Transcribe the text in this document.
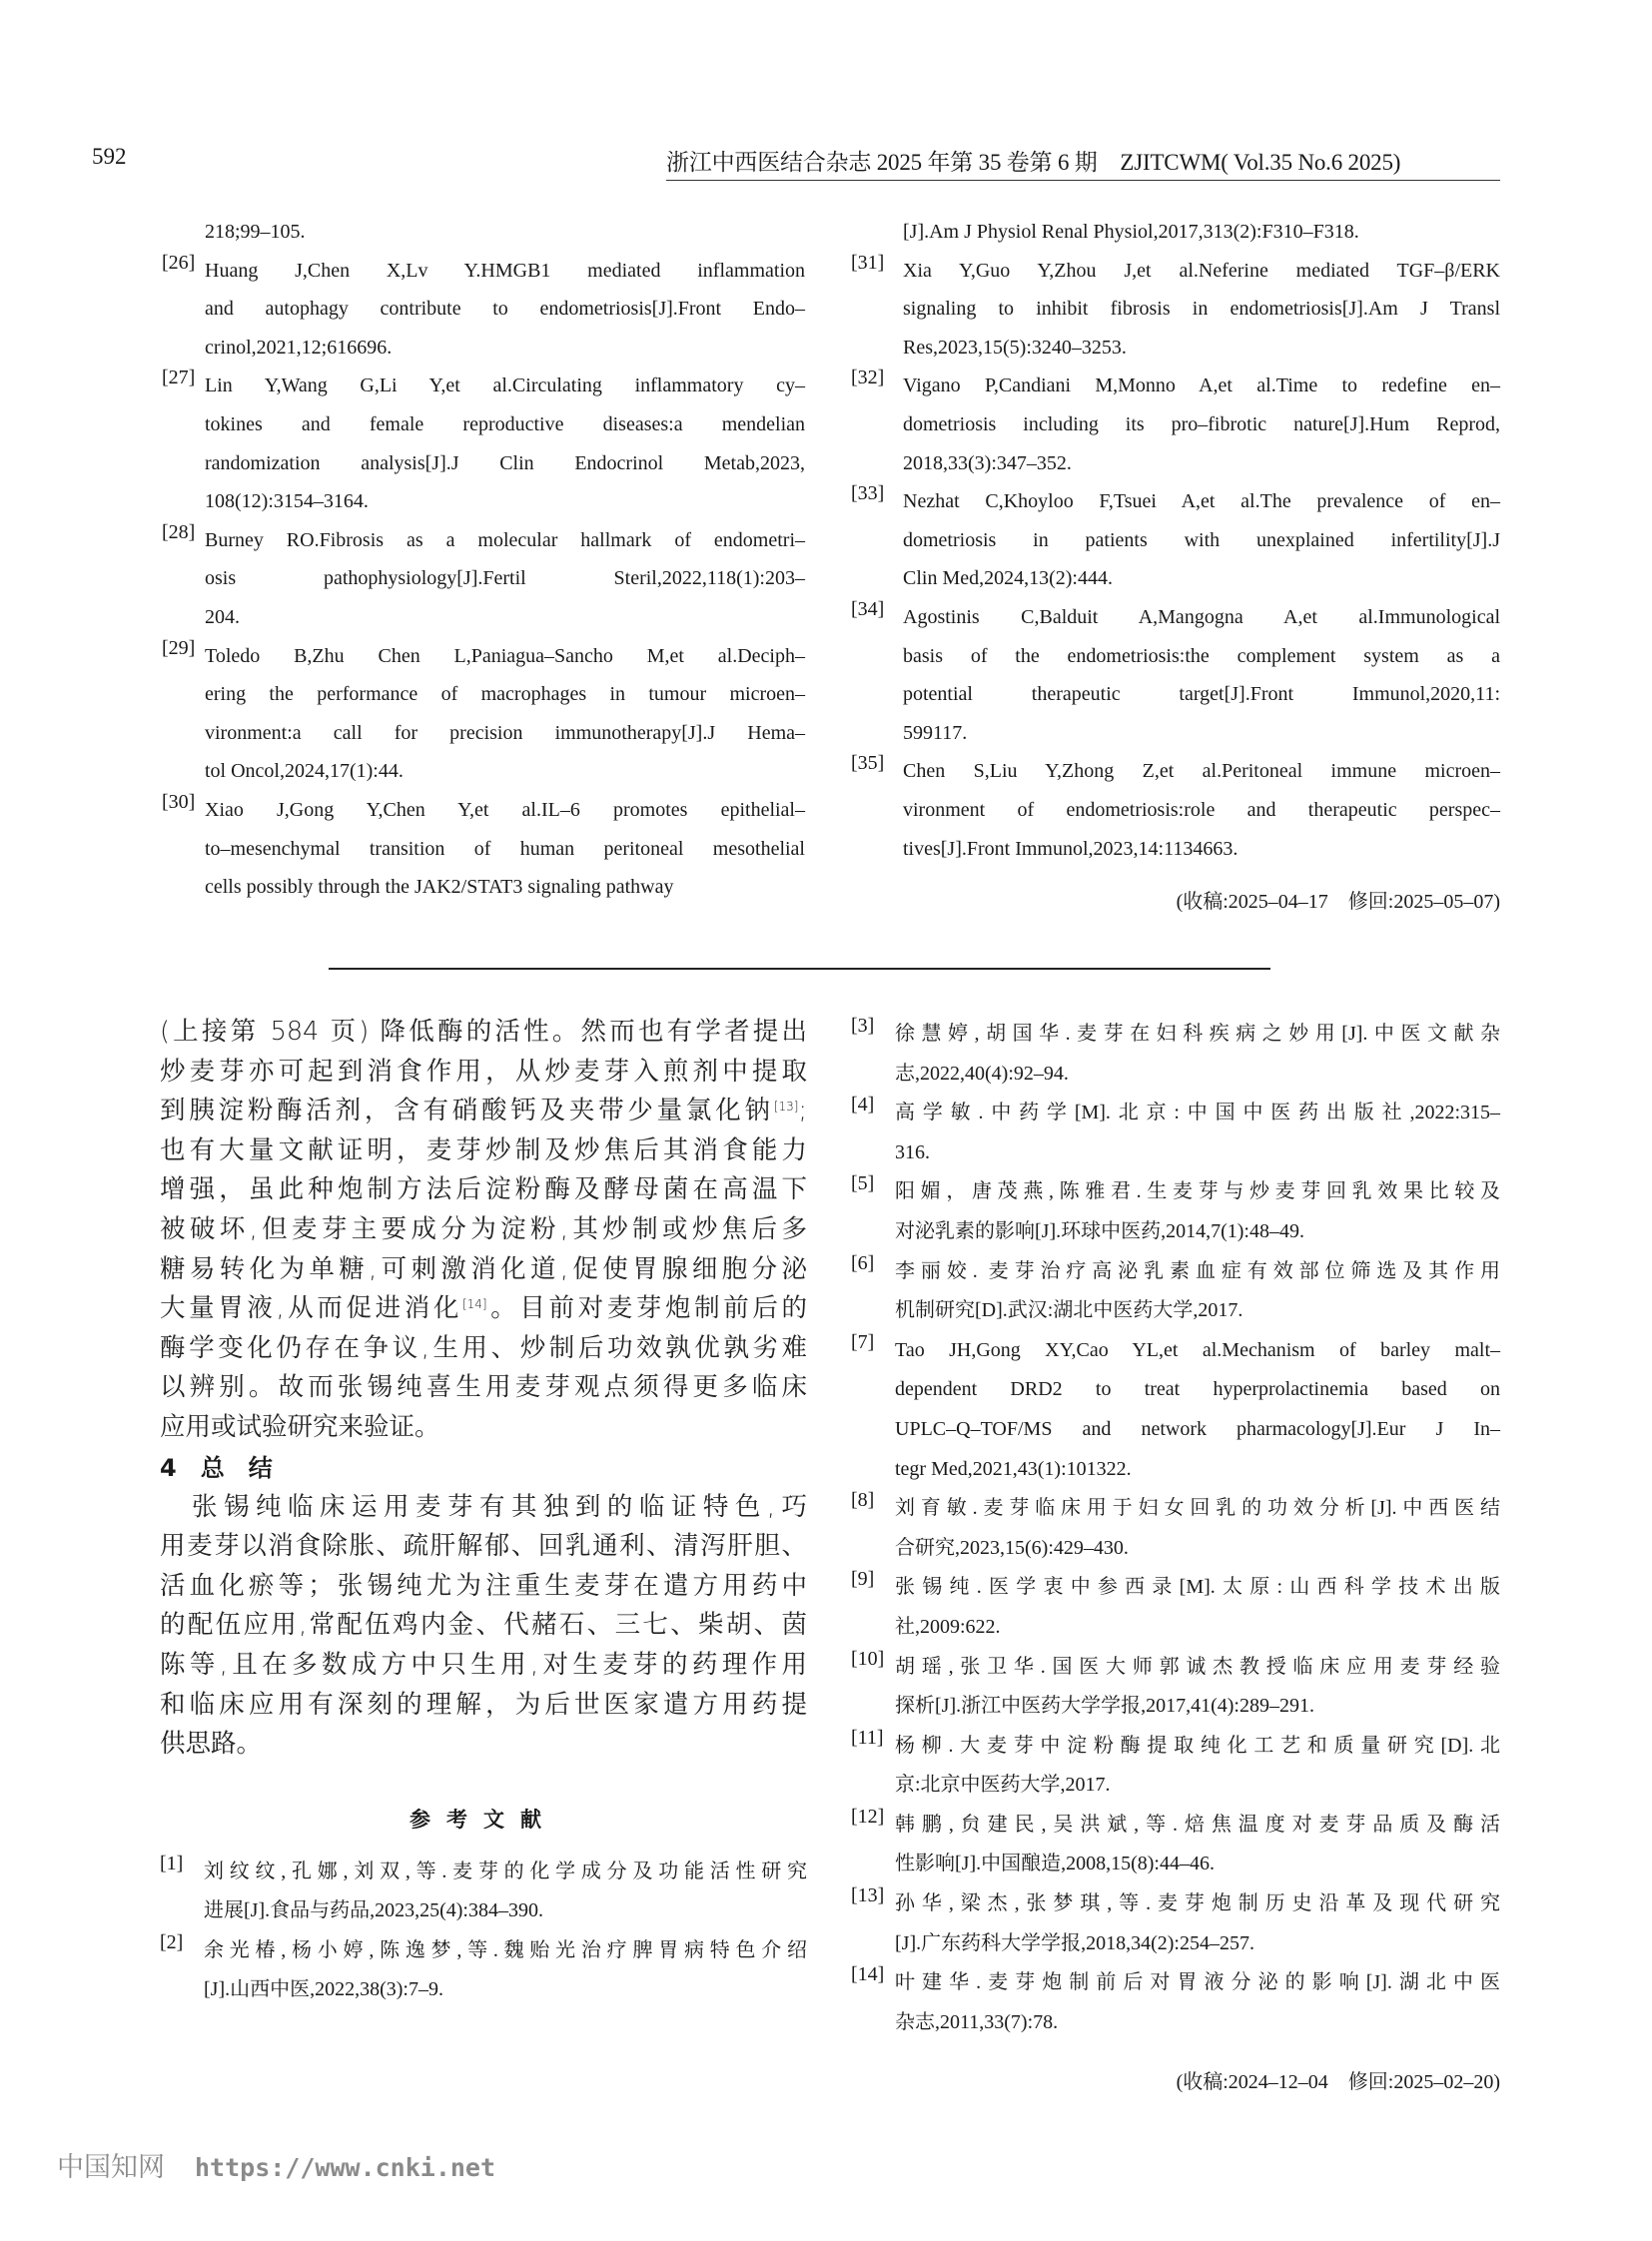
592	浙江中西医结合杂志 2025 年第 35 卷第 6 期　ZJITCWM( Vol.35 No.6 2025)
218;99–105.
[26] Huang J,Chen X,Lv Y.HMGB1 mediated inflammation
and autophagy contribute to endometriosis[J].Front Endo–
crinol,2021,12;616696.
[27] Lin Y,Wang G,Li Y,et al.Circulating inflammatory cy–
tokines and female reproductive diseases:a mendelian
randomization analysis[J].J Clin Endocrinol Metab,2023,
108(12):3154–3164.
[28] Burney RO.Fibrosis as a molecular hallmark of endometri–
osis pathophysiology[J].Fertil Steril,2022,118(1):203–
204.
[29] Toledo B,Zhu Chen L,Paniagua–Sancho M,et al.Deciph–
ering the performance of macrophages in tumour microen–
vironment:a call for precision immunotherapy[J].J Hema–
tol Oncol,2024,17(1):44.
[30] Xiao J,Gong Y,Chen Y,et al.IL–6 promotes epithelial–
to–mesenchymal transition of human peritoneal mesothelial
cells possibly through the JAK2/STAT3 signaling pathway
[J].Am J Physiol Renal Physiol,2017,313(2):F310–F318.
[31] Xia Y,Guo Y,Zhou J,et al.Neferine mediated TGF–β/ERK
signaling to inhibit fibrosis in endometriosis[J].Am J Transl
Res,2023,15(5):3240–3253.
[32] Vigano P,Candiani M,Monno A,et al.Time to redefine en–
dometriosis including its pro–fibrotic nature[J].Hum Reprod,
2018,33(3):347–352.
[33] Nezhat C,Khoyloo F,Tsuei A,et al.The prevalence of en–
dometriosis in patients with unexplained infertility[J].J
Clin Med,2024,13(2):444.
[34] Agostinis C,Balduit A,Mangogna A,et al.Immunological
basis of the endometriosis:the complement system as a
potential therapeutic target[J].Front Immunol,2020,11:
599117.
[35] Chen S,Liu Y,Zhong Z,et al.Peritoneal immune microen–
vironment of endometriosis:role and therapeutic perspec–
tives[J].Front Immunol,2023,14:1134663.
(收稿:2025–04–17　修回:2025–05–07)
(上接第 584 页) 降低酶的活性。然而也有学者提出
炒麦芽亦可起到消食作用，从炒麦芽入煎剂中提取
到胰淀粉酶活剂，含有硝酸钙及夹带少量氯化钠[13];
也有大量文献证明，麦芽炒制及炒焦后其消食能力
增强，虽此种炮制方法后淀粉酶及酵母菌在高温下
被破坏,但麦芽主要成分为淀粉,其炒制或炒焦后多
糖易转化为单糖,可刺激消化道,促使胃腺细胞分泌
大量胃液,从而促进消化[14]。目前对麦芽炮制前后的
酶学变化仍存在争议,生用、炒制后功效孰优孰劣难
以辨别。故而张锡纯喜生用麦芽观点须得更多临床
应用或试验研究来验证。
4　总　结
　张锡纯临床运用麦芽有其独到的临证特色,巧
用麦芽以消食除胀、疏肝解郁、回乳通利、清泻肝胆、
活血化瘀等；张锡纯尤为注重生麦芽在遣方用药中
的配伍应用,常配伍鸡内金、代赭石、三七、柴胡、茵
陈等,且在多数成方中只生用,对生麦芽的药理作用
和临床应用有深刻的理解，为后世医家遣方用药提
供思路。
参考文献
[1] 刘纹纹,孔娜,刘双,等.麦芽的化学成分及功能活性研究
进展[J].食品与药品,2023,25(4):384–390.
[2] 余光椿,杨小婷,陈逸梦,等.魏贻光治疗脾胃病特色介绍
[J].山西中医,2022,38(3):7–9.
[3] 徐慧婷,胡国华.麦芽在妇科疾病之妙用[J].中医文献杂
志,2022,40(4):92–94.
[4] 高学敏.中药学[M].北京:中国中医药出版社,2022:315–
316.
[5] 阳媚，唐茂燕,陈雅君.生麦芽与炒麦芽回乳效果比较及
对泌乳素的影响[J].环球中医药,2014,7(1):48–49.
[6] 李丽姣. 麦芽治疗高泌乳素血症有效部位筛选及其作用
机制研究[D].武汉:湖北中医药大学,2017.
[7] Tao JH,Gong XY,Cao YL,et al.Mechanism of barley malt–
dependent DRD2 to treat hyperprolactinemia based on
UPLC–Q–TOF/MS and network pharmacology[J].Eur J In–
tegr Med,2021,43(1):101322.
[8] 刘育敏.麦芽临床用于妇女回乳的功效分析[J].中西医结
合研究,2023,15(6):429–430.
[9] 张锡纯.医学衷中参西录[M].太原:山西科学技术出版
社,2009:622.
[10] 胡瑶,张卫华.国医大师郭诚杰教授临床应用麦芽经验
探析[J].浙江中医药大学学报,2017,41(4):289–291.
[11] 杨柳.大麦芽中淀粉酶提取纯化工艺和质量研究[D].北
京:北京中医药大学,2017.
[12] 韩鹏,贠建民,吴洪斌,等.焙焦温度对麦芽品质及酶活
性影响[J].中国酿造,2008,15(8):44–46.
[13] 孙华,梁杰,张梦琪,等.麦芽炮制历史沿革及现代研究
[J].广东药科大学学报,2018,34(2):254–257.
[14] 叶建华.麦芽炮制前后对胃液分泌的影响[J].湖北中医
杂志,2011,33(7):78.
(收稿:2024–12–04　修回:2025–02–20)
中国知网 https://www.cnki.net
